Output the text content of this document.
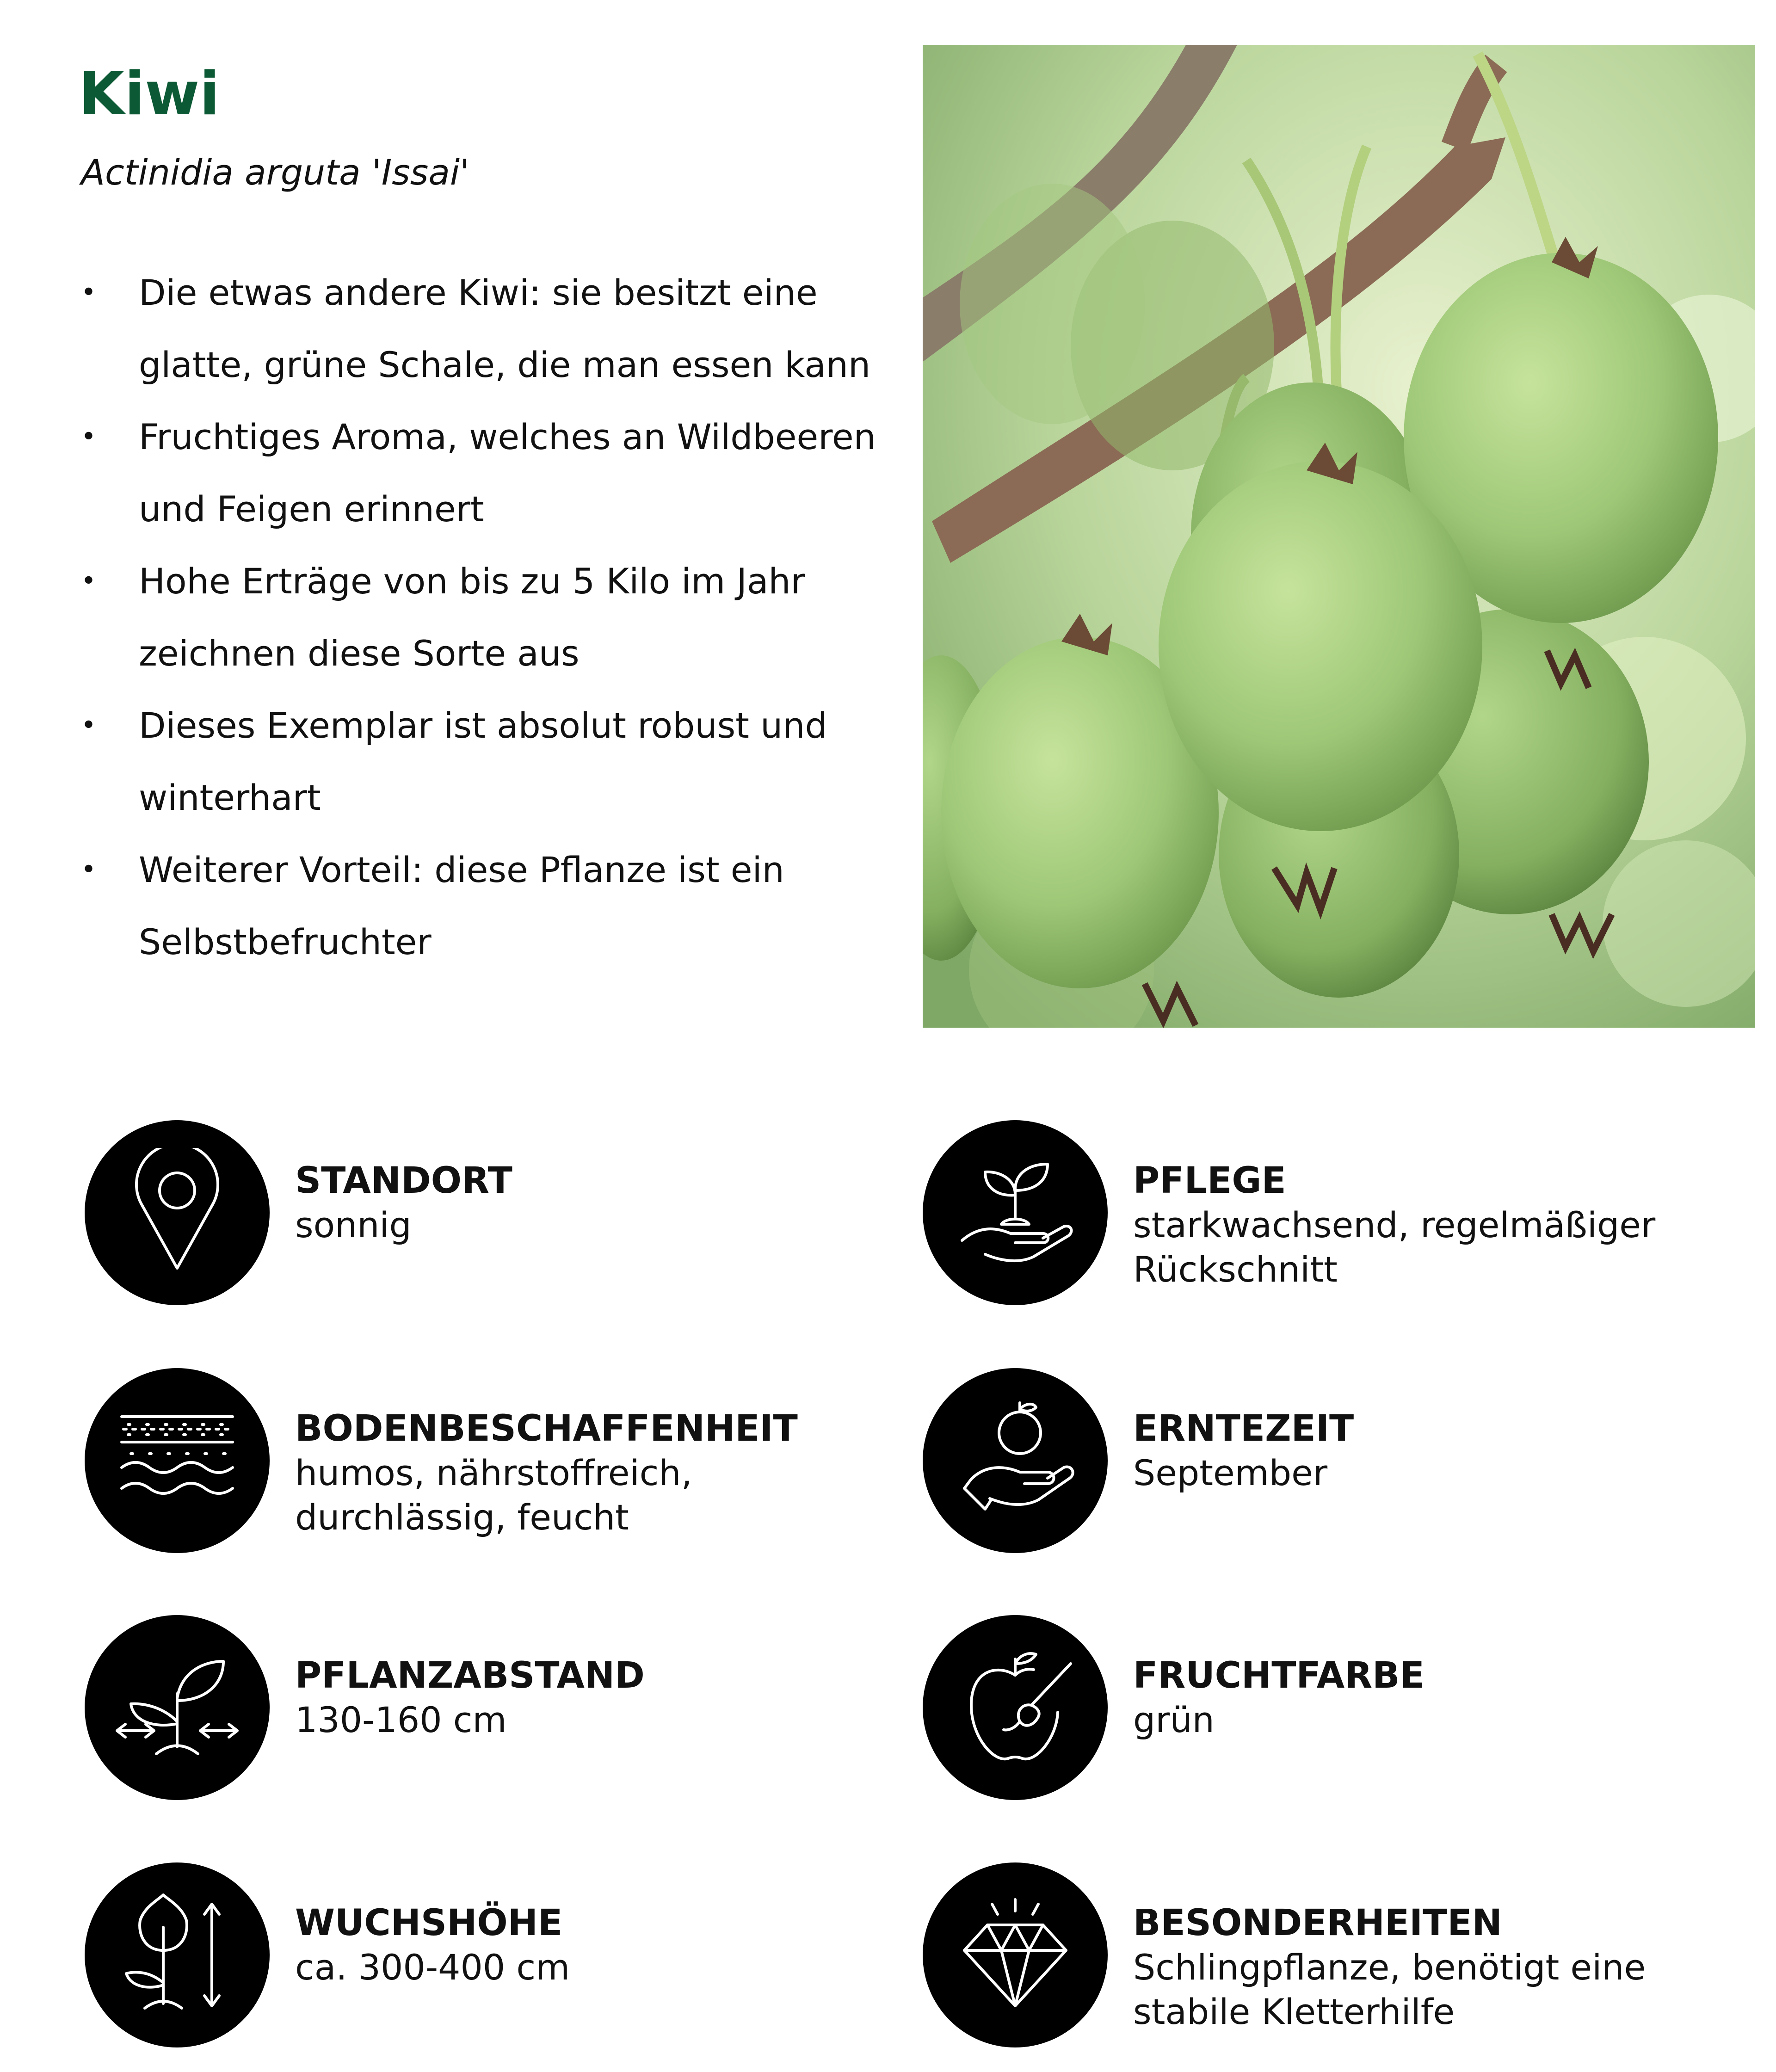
Kiwi

Actinidia arguta 'Issai'

• Die etwas andere Kiwi: sie besitzt eine glatte, grüne Schale, die man essen kann
• Fruchtiges Aroma, welches an Wildbeeren und Feigen erinnert
• Hohe Erträge von bis zu 5 Kilo im Jahr zeichnen diese Sorte aus
• Dieses Exemplar ist absolut robust und winterhart
• Weiterer Vorteil: diese Pflanze ist ein Selbstbefruchter
STANDORT
sonnig
BODENBESCHAFFENHEIT
humos, nährstoffreich,
durchlässig, feucht
PFLANZABSTAND
130-160 cm
WUCHSHÖHE
ca. 300-400 cm
PFLEGE
starkwachsend, regelmäßiger
Rückschnitt
ERNTEZEIT
September
FRUCHTFARBE
grün
BESONDERHEITEN
Schlingpflanze, benötigt eine
stabile Kletterhilfe
